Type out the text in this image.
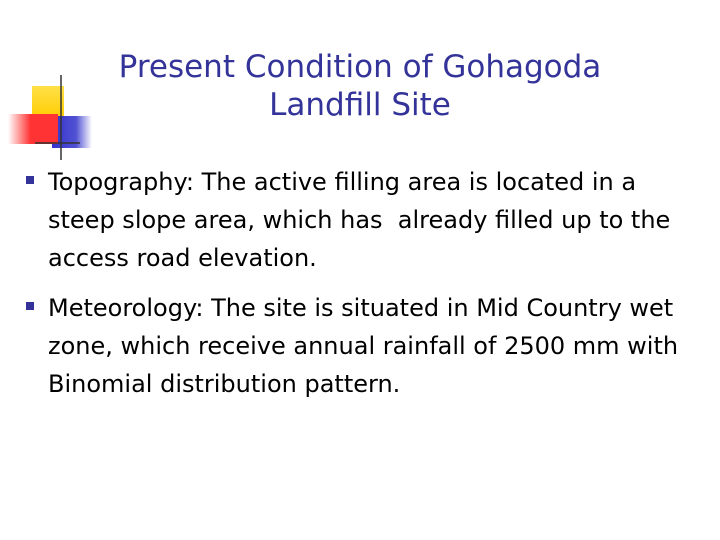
Present Condition of Gohagoda
Landfill Site
Topography: The active filling area is located in a steep slope area, which has  already filled up to the access road elevation.
Meteorology: The site is situated in Mid Country wet zone, which receive annual rainfall of 2500 mm with Binomial distribution pattern.
